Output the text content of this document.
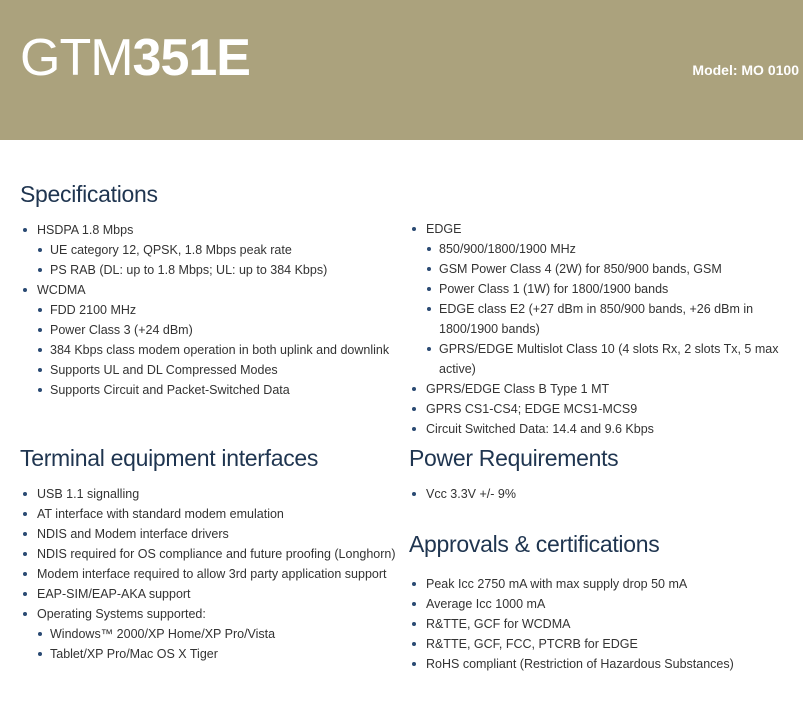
GTM351E	Model: MO 0100
Specifications
HSDPA 1.8 Mbps
UE category 12, QPSK, 1.8 Mbps peak rate
PS RAB (DL: up to 1.8 Mbps; UL: up to 384 Kbps)
WCDMA
FDD 2100 MHz
Power Class 3 (+24 dBm)
384 Kbps class modem operation in both uplink and downlink
Supports UL and DL Compressed Modes
Supports Circuit and Packet-Switched Data
EDGE
850/900/1800/1900 MHz
GSM Power Class 4 (2W) for 850/900 bands, GSM
Power Class 1 (1W) for 1800/1900 bands
EDGE class E2 (+27 dBm in 850/900 bands, +26 dBm in 1800/1900 bands)
GPRS/EDGE Multislot Class 10 (4 slots Rx, 2 slots Tx, 5 max active)
GPRS/EDGE Class B Type 1 MT
GPRS CS1-CS4; EDGE MCS1-MCS9
Circuit Switched Data: 14.4 and 9.6 Kbps
Terminal equipment interfaces
USB 1.1 signalling
AT interface with standard modem emulation
NDIS and Modem interface drivers
NDIS required for OS compliance and future proofing (Longhorn)
Modem interface required to allow 3rd party application support
EAP-SIM/EAP-AKA support
Operating Systems supported:
Windows™ 2000/XP Home/XP Pro/Vista
Tablet/XP Pro/Mac OS X Tiger
Power Requirements
Vcc 3.3V +/- 9%
Approvals & certifications
Peak Icc 2750 mA with max supply drop 50 mA
Average Icc 1000 mA
R&TTE, GCF for WCDMA
R&TTE, GCF, FCC, PTCRB for EDGE
RoHS compliant (Restriction of Hazardous Substances)
